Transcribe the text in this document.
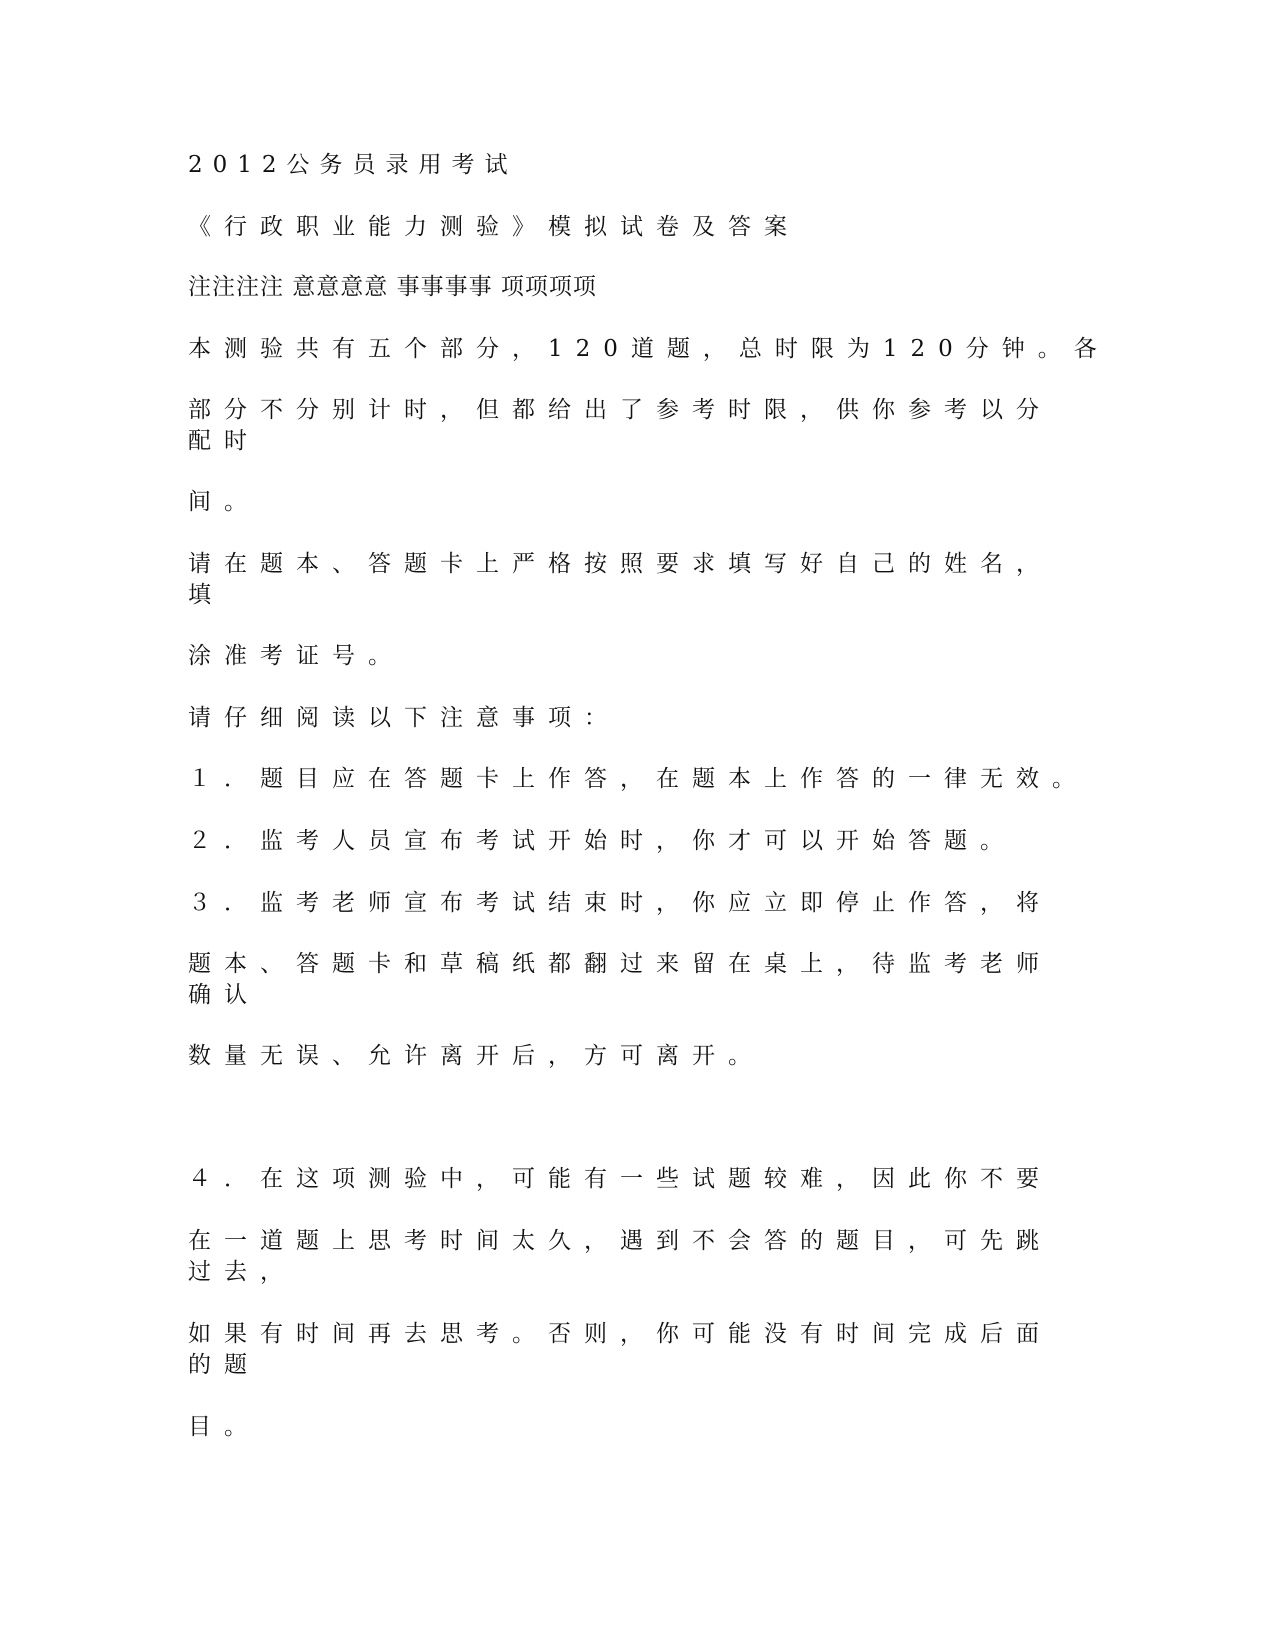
2012公务员录用考试
《行政职业能力测验》模拟试卷及答案
注注注注 意意意意 事事事事 项项项项
本测验共有五个部分，120道题，总时限为120分钟。各
部分不分别计时，但都给出了参考时限，供你参考以分
配时
间。
请在题本、答题卡上严格按照要求填写好自己的姓名，
填
涂准考证号。
请仔细阅读以下注意事项：
１．题目应在答题卡上作答，在题本上作答的一律无效。
２．监考人员宣布考试开始时，你才可以开始答题。
３．监考老师宣布考试结束时，你应立即停止作答，将
题本、答题卡和草稿纸都翻过来留在桌上，待监考老师
确认
数量无误、允许离开后，方可离开。
４．在这项测验中，可能有一些试题较难，因此你不要
在一道题上思考时间太久，遇到不会答的题目，可先跳
过去，
如果有时间再去思考。否则，你可能没有时间完成后面
的题
目。
